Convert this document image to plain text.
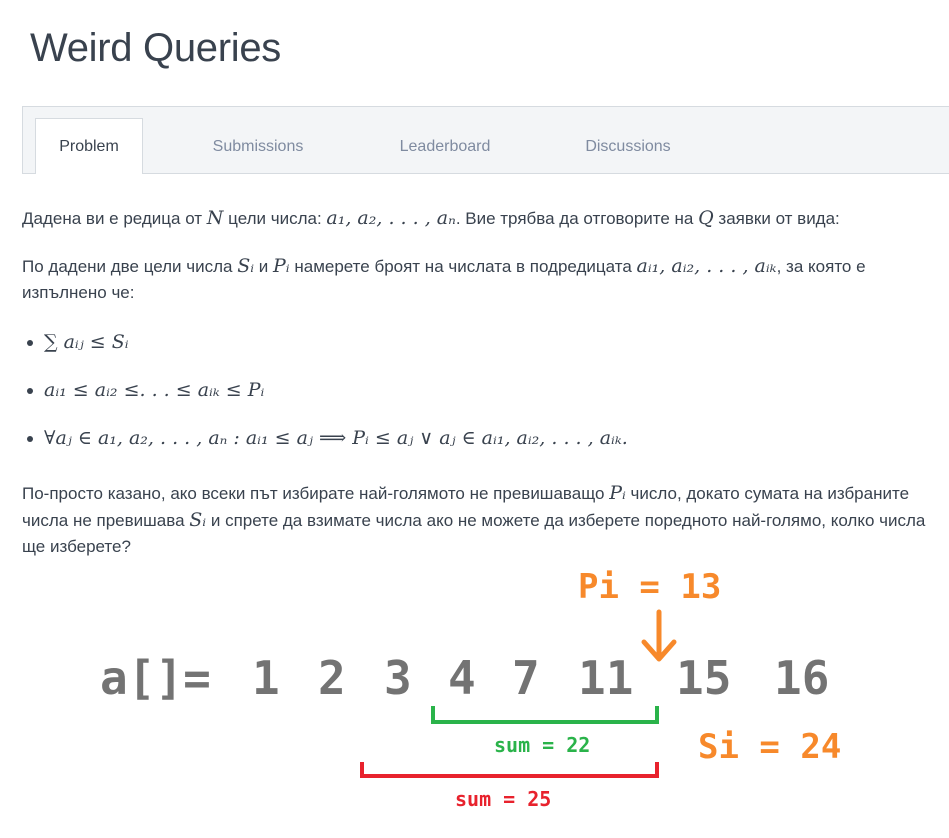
Weird Queries
Problem	Submissions	Leaderboard	Discussions

Дадена ви е редица от N цели числа: a₁, a₂, . . . , aₙ. Вие трябва да отговорите на Q заявки от вида:

По дадени две цели числа Sᵢ и Pᵢ намерете броят на числата в подредицата aᵢ₁, aᵢ₂, . . . , aᵢₖ, за която е изпълнено че:

∑ aᵢⱼ ≤ Sᵢ
aᵢ₁ ≤ aᵢ₂ ≤. . . ≤ aᵢₖ ≤ Pᵢ
∀aⱼ ∈ a₁, a₂, . . . , aₙ : aᵢ₁ ≤ aⱼ ⟹ Pᵢ ≤ aⱼ ∨ aⱼ ∈ aᵢ₁, aᵢ₂, . . . , aᵢₖ.

По-просто казано, ако всеки път избирате най-голямото не превишаващо Pᵢ число, докато сумата на избраните числа не превишава Sᵢ и спрете да взимате числа ако не можете да изберете поредното най-голямо, колко числа ще изберете?

Pi = 13
a[]= 1 2 3 4 7 11 15 16
sum = 22	Si = 24
sum = 25
